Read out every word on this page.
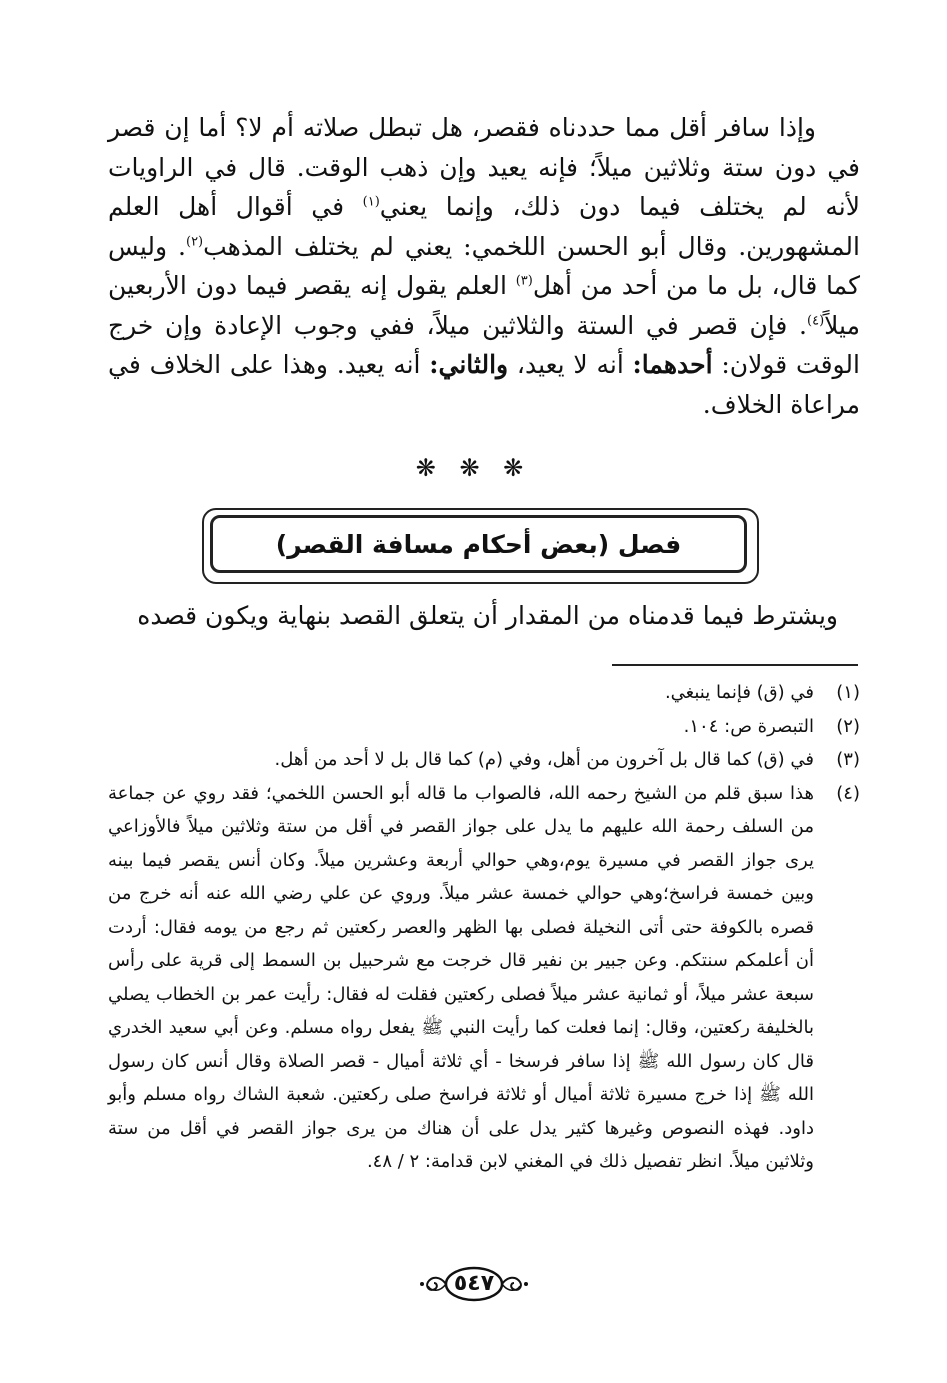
وإذا سافر أقل مما حددناه فقصر، هل تبطل صلاته أم لا؟ أما إن قصر في دون ستة وثلاثين ميلاً؛ فإنه يعيد وإن ذهب الوقت. قال في الراويات لأنه لم يختلف فيما دون ذلك، وإنما يعني$^{(١)}$ في أقوال أهل العلم المشهورين. وقال أبو الحسن اللخمي: يعني لم يختلف المذهب$^{(٢)}$. وليس كما قال، بل ما من أحد من أهل$^{(٣)}$ العلم يقول إنه يقصر فيما دون الأربعين ميلاً$^{(٤)}$. فإن قصر في الستة والثلاثين ميلاً، ففي وجوب الإعادة وإن خرج الوقت قولان: أحدهما: أنه لا يعيد، والثاني: أنه يعيد. وهذا على الخلاف في مراعاة الخلاف.

❋ ❋ ❋
فصل (بعض أحكام مسافة القصر)
ويشترط فيما قدمناه من المقدار أن يتعلق القصد بنهاية ويكون قصده
(١)
في (ق) فإنما ينبغي.
(٢)
التبصرة ص: ١٠٤.
(٣)
في (ق) كما قال بل آخرون من أهل، وفي (م) كما قال بل لا أحد من أهل.
(٤)
هذا سبق قلم من الشيخ رحمه الله، فالصواب ما قاله أبو الحسن اللخمي؛ فقد روي عن جماعة من السلف رحمة الله عليهم ما يدل على جواز القصر في أقل من ستة وثلاثين ميلاً فالأوزاعي يرى جواز القصر في مسيرة يوم،وهي حوالي أربعة وعشرين ميلاً. وكان أنس يقصر فيما بينه وبين خمسة فراسخ؛وهي حوالي خمسة عشر ميلاً. وروي عن علي رضي الله عنه أنه خرج من قصره بالكوفة حتى أتى النخيلة فصلى بها الظهر والعصر ركعتين ثم رجع من يومه فقال: أردت أن أعلمكم سنتكم. وعن جبير بن نفير قال خرجت مع شرحبيل بن السمط إلى قرية على رأس سبعة عشر ميلاً، أو ثمانية عشر ميلاً فصلى ركعتين فقلت له فقال: رأيت عمر بن الخطاب يصلي بالخليفة ركعتين، وقال: إنما فعلت كما رأيت النبي ﷺ يفعل رواه مسلم. وعن أبي سعيد الخدري قال كان رسول الله ﷺ إذا سافر فرسخا - أي ثلاثة أميال - قصر الصلاة وقال أنس كان رسول الله ﷺ إذا خرج مسيرة ثلاثة أميال أو ثلاثة فراسخ صلى ركعتين. شعبة الشاك رواه مسلم وأبو داود. فهذه النصوص وغيرها كثير يدل على أن هناك من يرى جواز القصر في أقل من ستة وثلاثين ميلاً. انظر تفصيل ذلك في المغني لابن قدامة: ٢ / ٤٨.
٥٤٧
